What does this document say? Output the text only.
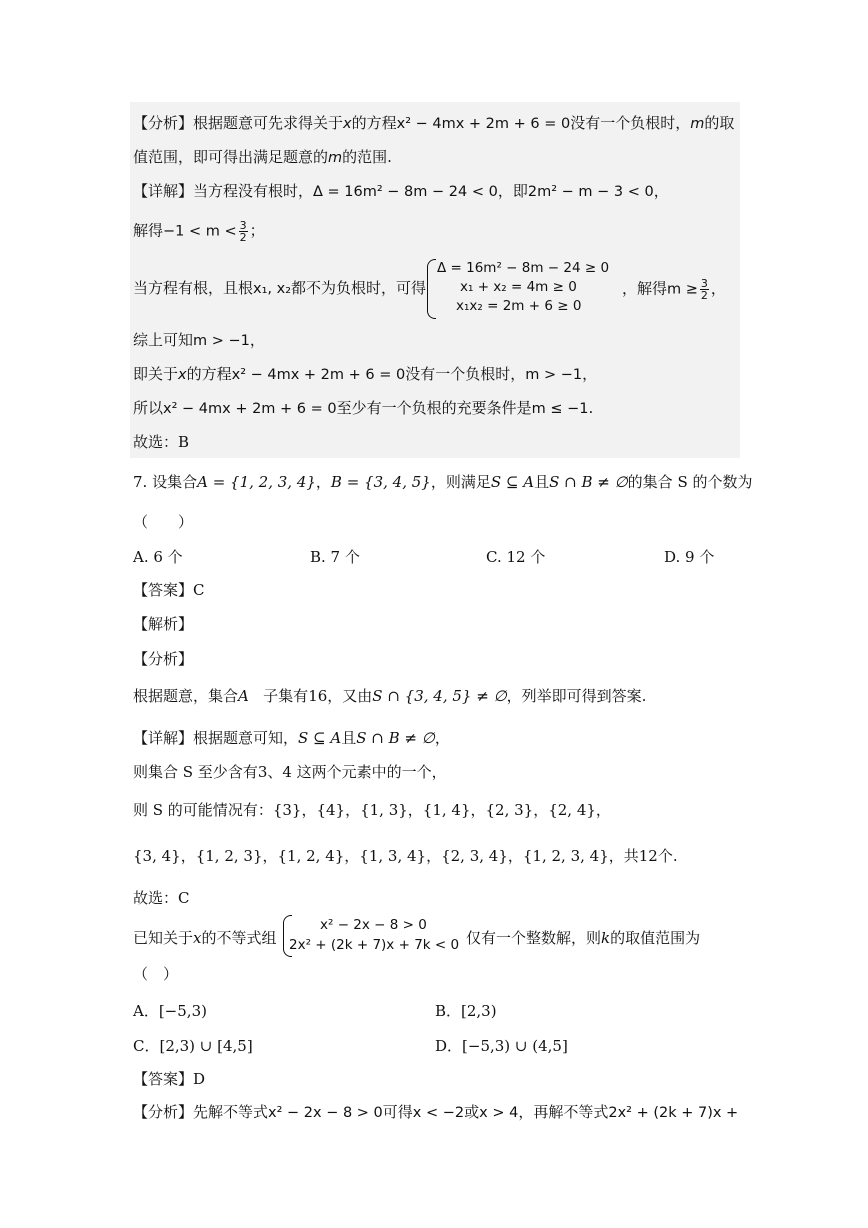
【分析】根据题意可先求得关于x的方程x² − 4mx + 2m + 6 = 0没有一个负根时，m的取
值范围，即可得出满足题意的m的范围.
【详解】当方程没有根时，Δ = 16m² − 8m − 24 < 0，即2m² − m − 3 < 0，
解得$-1 < m < \frac{3}{2}$ ；
当方程有根，且根x₁, x₂都不为负根时，可得
Δ = 16m² − 8m − 24 ≥ 0
x₁ + x₂ = 4m ≥ 0
x₁x₂ = 2m + 6 ≥ 0
，解得$m \ge \frac{3}{2}$ ，
综上可知m > −1，
即关于x的方程x² − 4mx + 2m + 6 = 0没有一个负根时，m > −1，
所以x² − 4mx + 2m + 6 = 0至少有一个负根的充要条件是m ≤ −1.
故选：B
7. 设集合A = {1, 2, 3, 4}，B = {3, 4, 5}，则满足S ⊆ A且S ∩ B ≠ ∅的集合 S 的个数为
（　　）
A. 6 个	B. 7 个	C. 12 个	D. 9 个
【答案】C
【解析】
【分析】
根据题意，集合A 子集有16，又由S ∩ {3, 4, 5} ≠ ∅，列举即可得到答案.
【详解】根据题意可知，S ⊆ A且S ∩ B ≠ ∅，
则集合 S 至少含有3、4 这两个元素中的一个，
则 S 的可能情况有：{3}，{4}，{1, 3}，{1, 4}，{2, 3}，{2, 4}，
{3, 4}，{1, 2, 3}，{1, 2, 4}，{1, 3, 4}，{2, 3, 4}，{1, 2, 3, 4}，共12个.
故选：C
已知关于x的不等式组
x² − 2x − 8 > 0
2x² + (2k + 7)x + 7k < 0 仅有一个整数解，则k的取值范围为
（　）
A．[−5,3)	B．[2,3)
C．[2,3) ∪ [4,5]	D．[−5,3) ∪ (4,5]
【答案】D
【分析】先解不等式x² − 2x − 8 > 0可得x < −2或x > 4，再解不等式2x² + (2k + 7)x +
